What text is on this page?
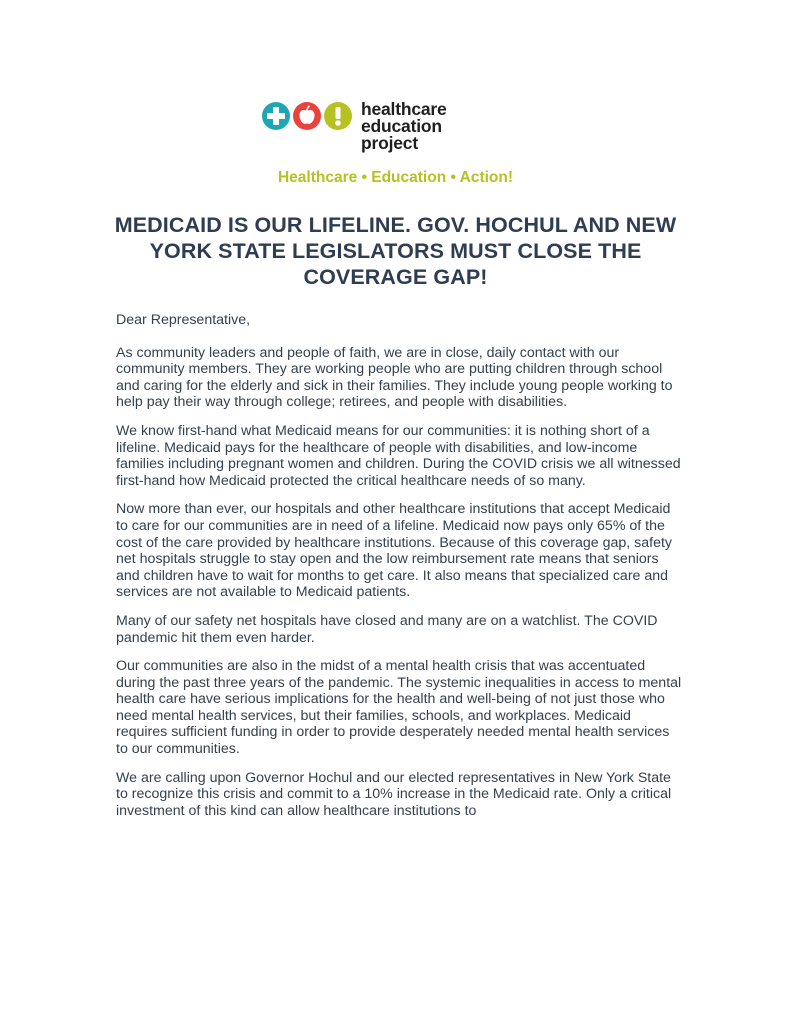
healthcare
education
project
Healthcare • Education • Action!
MEDICAID IS OUR LIFELINE. GOV. HOCHUL AND NEW YORK STATE LEGISLATORS MUST CLOSE THE COVERAGE GAP!

Dear Representative,

As community leaders and people of faith, we are in close, daily contact with our community members. They are working people who are putting children through school and caring for the elderly and sick in their families. They include young people working to help pay their way through college; retirees, and people with disabilities.

We know first-hand what Medicaid means for our communities: it is nothing short of a lifeline. Medicaid pays for the healthcare of people with disabilities, and low-income families including pregnant women and children. During the COVID crisis we all witnessed first-hand how Medicaid protected the critical healthcare needs of so many.

Now more than ever, our hospitals and other healthcare institutions that accept Medicaid to care for our communities are in need of a lifeline. Medicaid now pays only 65% of the cost of the care provided by healthcare institutions. Because of this coverage gap, safety net hospitals struggle to stay open and the low reimbursement rate means that seniors and children have to wait for months to get care. It also means that specialized care and services are not available to Medicaid patients.

Many of our safety net hospitals have closed and many are on a watchlist. The COVID pandemic hit them even harder.

Our communities are also in the midst of a mental health crisis that was accentuated during the past three years of the pandemic. The systemic inequalities in access to mental health care have serious implications for the health and well-being of not just those who need mental health services, but their families, schools, and workplaces. Medicaid requires sufficient funding in order to provide desperately needed mental health services to our communities.

We are calling upon Governor Hochul and our elected representatives in New York State to recognize this crisis and commit to a 10% increase in the Medicaid rate. Only a critical investment of this kind can allow healthcare institutions to
